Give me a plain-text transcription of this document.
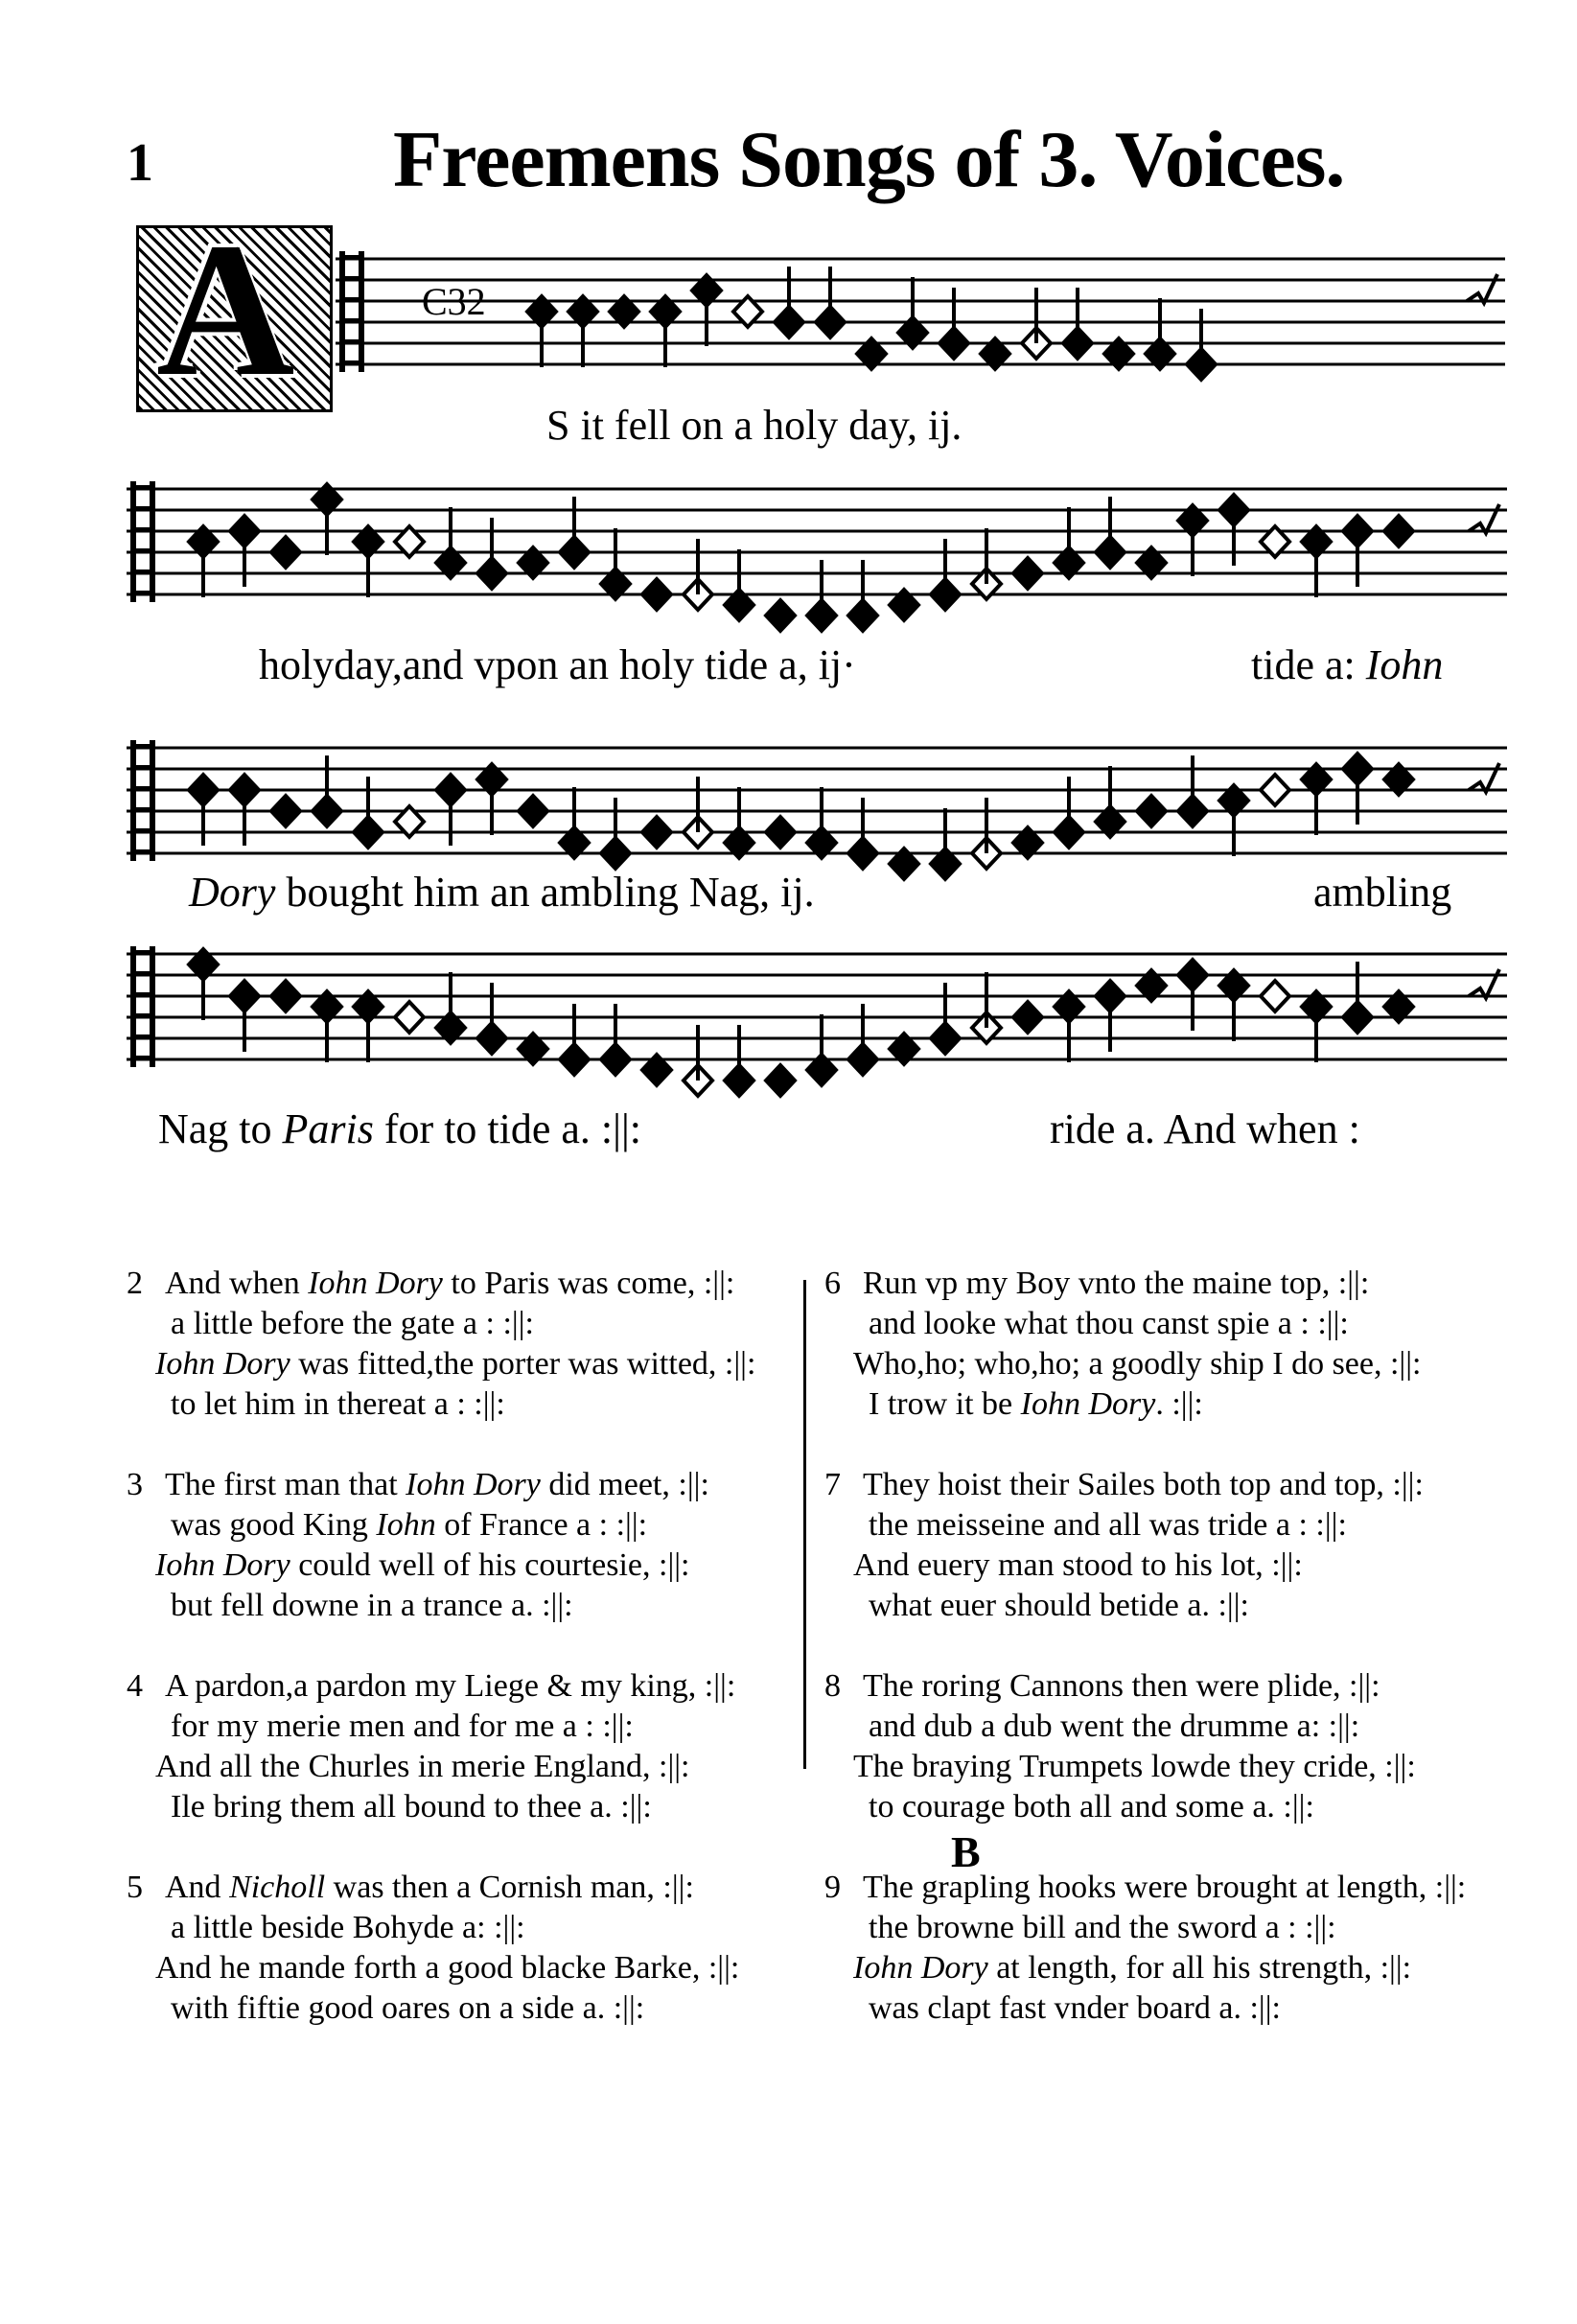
1	Freemens Songs of 3. Voices.
A	C32
S it fell on a holy day, ij.
holyday,and vpon an holy tide a, ij·	tide a: Iohn
Dory bought him an ambling Nag, ij.	ambling
Nag to Paris for to tide a. :||:	ride a. And when :
2 And when Iohn Dory to Paris was come, :||:
a little before the gate a : :||:
Iohn Dory was fitted,the porter was witted, :||:
to let him in thereat a : :||:
3 The first man that Iohn Dory did meet, :||:
was good King Iohn of France a : :||:
Iohn Dory could well of his courtesie, :||:
but fell downe in a trance a. :||:
4 A pardon,a pardon my Liege & my king, :||:
for my merie men and for me a : :||:
And all the Churles in merie England, :||:
Ile bring them all bound to thee a. :||:
5 And Nicholl was then a Cornish man, :||:
a little beside Bohyde a: :||:
And he mande forth a good blacke Barke, :||:
with fiftie good oares on a side a. :||:
6 Run vp my Boy vnto the maine top, :||:
and looke what thou canst spie a : :||:
Who,ho; who,ho; a goodly ship I do see, :||:
I trow it be Iohn Dory. :||:
7 They hoist their Sailes both top and top, :||:
the meisseine and all was tride a : :||:
And euery man stood to his lot, :||:
what euer should betide a. :||:
8 The roring Cannons then were plide, :||:
and dub a dub went the drumme a: :||:
The braying Trumpets lowde they cride, :||:
to courage both all and some a. :||:
9 The grapling hooks were brought at length, :||:
the browne bill and the sword a : :||:
Iohn Dory at length, for all his strength, :||:
was clapt fast vnder board a. :||:
B
